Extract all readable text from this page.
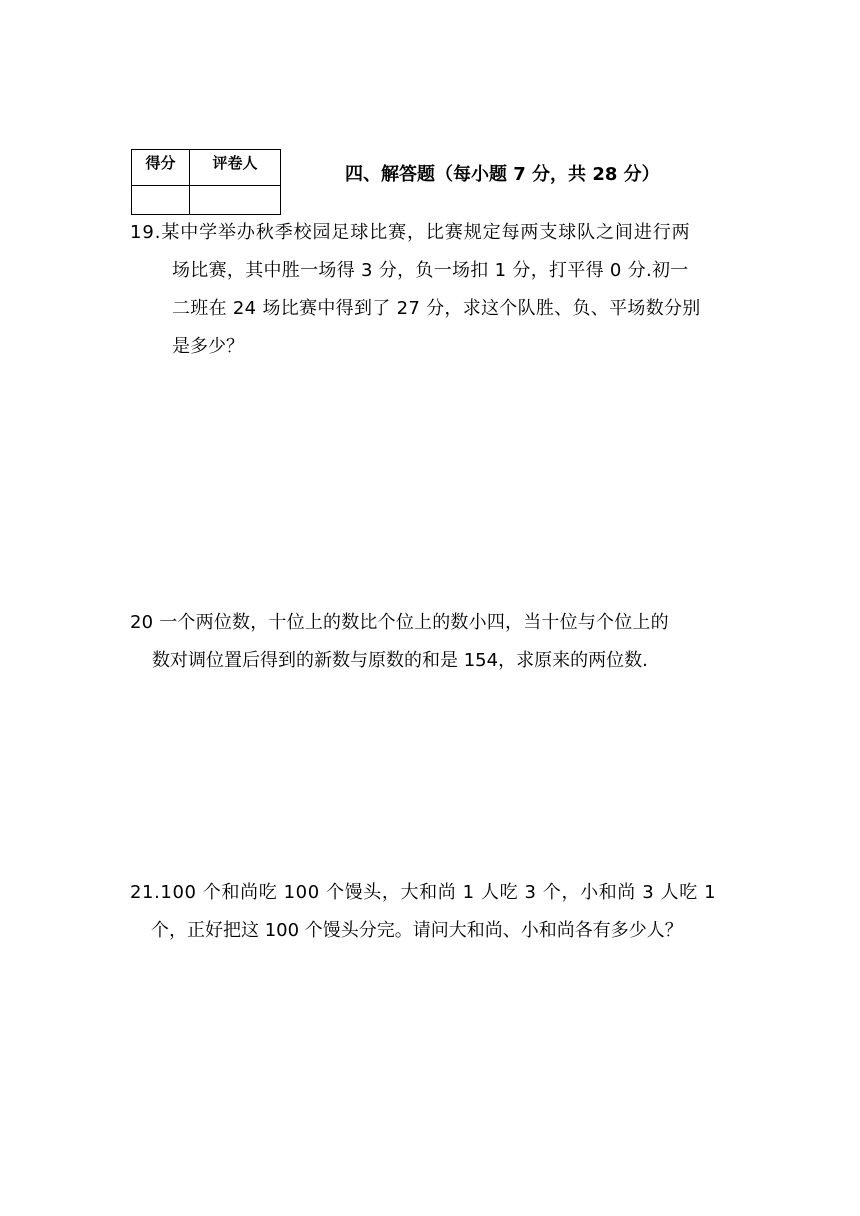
得分	评卷人

四、解答题（每小题 7 分，共 28 分）
19.某中学举办秋季校园足球比赛，比赛规定每两支球队之间进行两
场比赛，其中胜一场得 3 分，负一场扣 1 分，打平得 0 分.初一
二班在 24 场比赛中得到了 27 分，求这个队胜、负、平场数分别
是多少？
20 一个两位数，十位上的数比个位上的数小四，当十位与个位上的
数对调位置后得到的新数与原数的和是 154，求原来的两位数.
21.100 个和尚吃 100 个馒头，大和尚 1 人吃 3 个，小和尚 3 人吃 1
个，正好把这 100 个馒头分完。请问大和尚、小和尚各有多少人？
